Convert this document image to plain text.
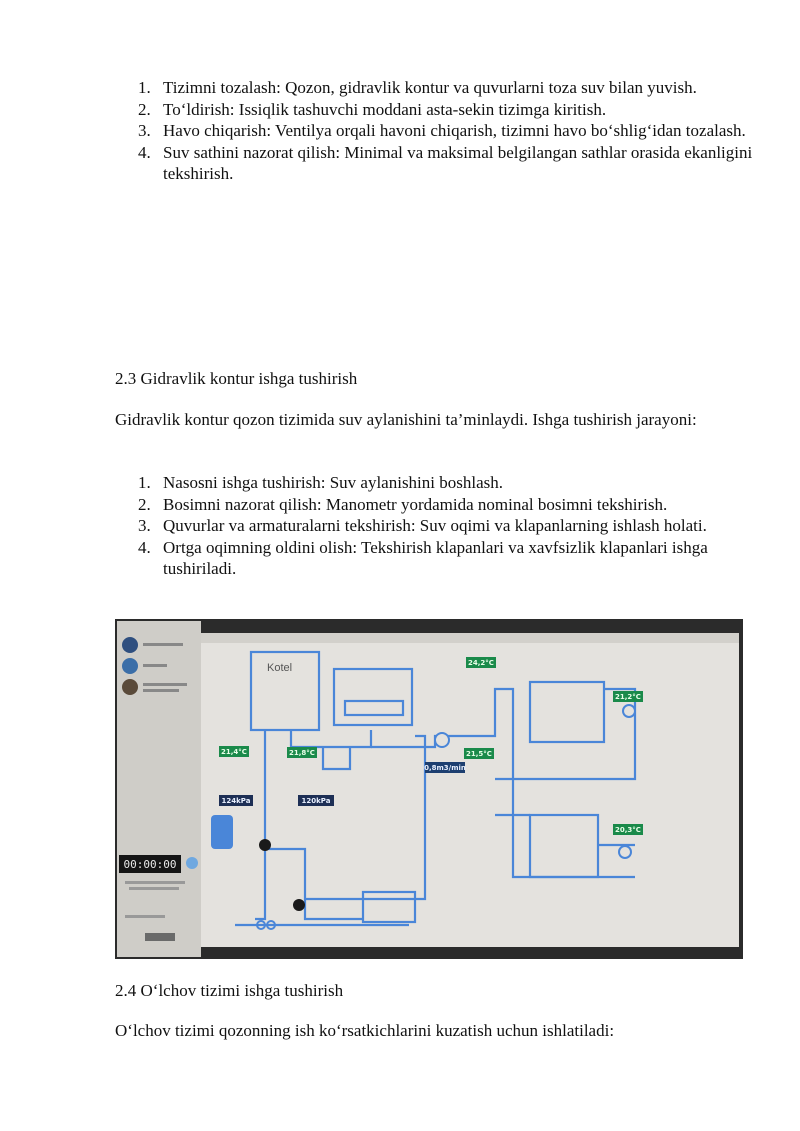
1. Tizimni tozalash: Qozon, gidravlik kontur va quvurlarni toza suv bilan yuvish.
2. To‘ldirish: Issiqlik tashuvchi moddani asta-sekin tizimga kiritish.
3. Havo chiqarish: Ventilya orqali havoni chiqarish, tizimni havo bo‘shlig‘idan tozalash.
4. Suv sathini nazorat qilish: Minimal va maksimal belgilangan sathlar orasida ekanligini tekshirish.
2.3 Gidravlik kontur ishga tushirish

Gidravlik kontur qozon tizimida suv aylanishini ta’minlaydi. Ishga tushirish jarayoni:

1. Nasosni ishga tushirish: Suv aylanishini boshlash.
2. Bosimni nazorat qilish: Manometr yordamida nominal bosimni tekshirish.
3. Quvurlar va armaturalarni tekshirish: Suv oqimi va klapanlarning ishlash holati.
4. Ortga oqimning oldini olish: Tekshirish klapanlari va xavfsizlik klapanlari ishga tushiriladi.
00:00:00
Kotel	24,2°C
21,4°C	21,8°C	21,5°C
0,8m3/min
21,2°C
20,3°C
124kPa	120kPa
2.4 O‘lchov tizimi ishga tushirish

O‘lchov tizimi qozonning ish ko‘rsatkichlarini kuzatish uchun ishlatiladi:
